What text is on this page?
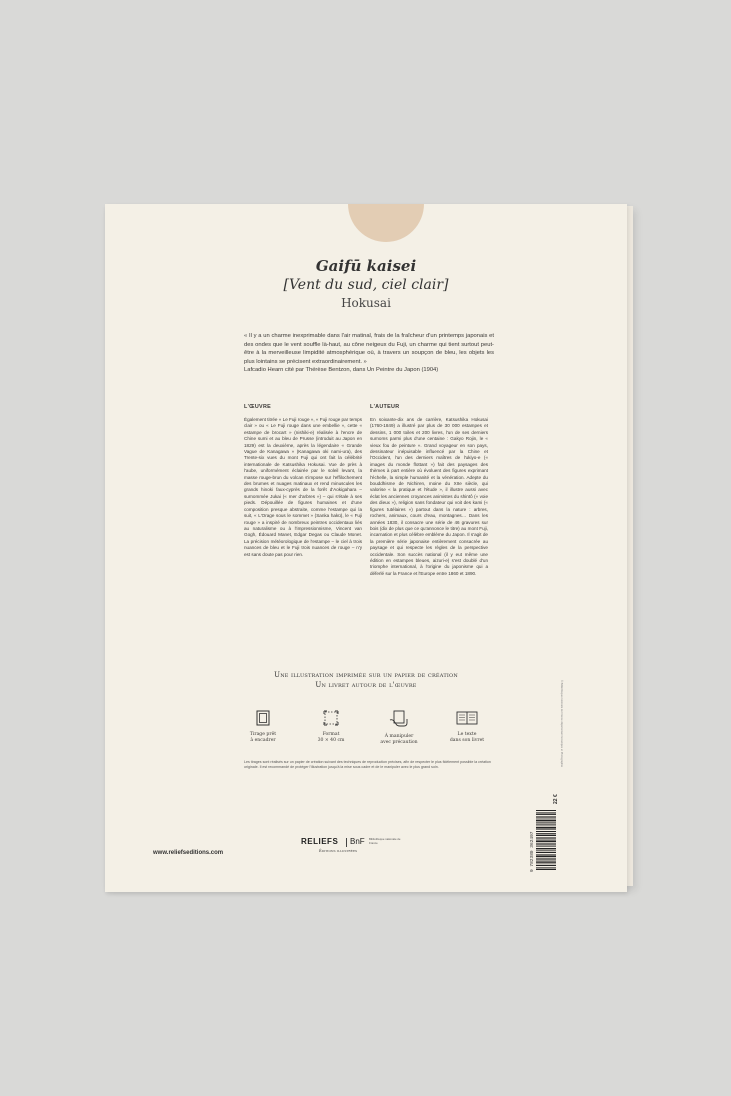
Gaifū kaisei
[Vent du sud, ciel clair]
Hokusai
« Il y a un charme inexprimable dans l'air matinal, frais de la fraîcheur d'un printemps japonais et des ondes que le vent souffle là-haut, au cône neigeux du Fuji, un charme qui tient surtout peut-être à la merveilleuse limpidité atmosphérique où, à travers un soupçon de bleu, les objets les plus lointains se précisent extraordinairement. »
Lafcadio Hearn cité par Thérèse Bentzon, dans Un Peintre du Japon (1904)
L'ŒUVRE
Également titrée « Le Fuji rouge », « Fuji rouge par temps clair » ou « Le Fuji rouge dans une embellie », cette « estampe de brocart » (nishiki-e) réalisée à l'encre de Chine sumi et au bleu de Prusse (introduit au Japon en 1829) est la deuxième, après la légendaire « Grande Vague de Kanagawa » (Kanagawa oki nami-ura), des Trente-six vues du mont Fuji qui ont fait la célébrité internationale de Katsushika Hokusai. Vue de près à l'aube, uniformément éclairée par le soleil levant, la masse rouge-brun du volcan s'impose sur l'effilochement des brumes et nuages matinaux et rend minuscules les grands hinoki faux-cyprès de la forêt d'Aokigahara – surnommée Jukai (« mer d'arbres ») – qui s'étale à ses pieds. Dépouillée de figures humaines et d'une composition presque abstraite, comme l'estampe qui la suit, « L'Orage sous le sommet » (Sanka hakū), le « Fuji rouge » a inspiré de nombreux peintres occidentaux liés au naturalisme ou à l'impressionnisme, Vincent van Gogh, Édouard Manet, Edgar Degas ou Claude Monet. La précision météorologique de l'estampe – le ciel à trois nuances de bleu et le Fuji trois nuances de rouge – n'y est sans doute pas pour rien.
L'AUTEUR
En soixante-dix ans de carrière, Katsushika Hokusai (1760-1849) a illustré par plus de 30 000 estampes et dessins, 1 000 toiles et 200 livres, l'un de ses derniers surnoms parmi plus d'une centaine : Gakyo Rojin, le « vieux fou de peinture ». Grand voyageur en son pays, dessinateur inépuisable influencé par la Chine et l'Occident, l'un des derniers maîtres de l'ukiyo-e (« images du monde flottant ») fait des paysages des thèmes à part entière où évoluent des figures exprimant l'échelle, la simple humanité et la vénération. Adepte du bouddhisme de Nichiren, moine du XIIe siècle, qui valorise « la pratique et l'étude », il illustre aussi avec éclat les anciennes croyances animistes du shintô (« voie des dieux »), religion sans fondateur qui voit des kami (« figures tutélaires ») partout dans la nature : arbres, rochers, animaux, cours d'eau, montagnes… Dans les années 1830, il consacre une série de 46 gravures sur bois (dix de plus que ce qu'annonce le titre) au mont Fuji, incarnation et plus célèbre emblème du Japon. Il s'agit de la première série japonaise entièrement consacrée au paysage et qui respecte les règles de la perspective occidentale. Son succès national (il y eut même une édition en estampes bleues, aizuri-e) s'est doublé d'un triomphe international, à l'origine du japonisme qui a déferlé sur la France et l'Europe entre 1860 et 1890.
Une illustration imprimée sur un papier de création
Un livret autour de l'œuvre
Tirage prêt
à encadrer
Format
30 × 40 cm
À manipuler
avec précaution
Le texte
dans son livret
Les tirages sont réalisés sur un papier de création suivant des techniques de reproduction précises, afin de respecter le plus fidèlement possible la création originale. Il est recommandé de protéger l'illustration jusqu'à la mise sous cadre et de le manipuler avec le plus grand soin.	© Bibliothèque nationale de France département Estampes et Photographie
22 €
9 782380 362497
www.reliefseditions.com
RELIEFS
Éditions illustrées
BnF Bibliothèque nationale de France
